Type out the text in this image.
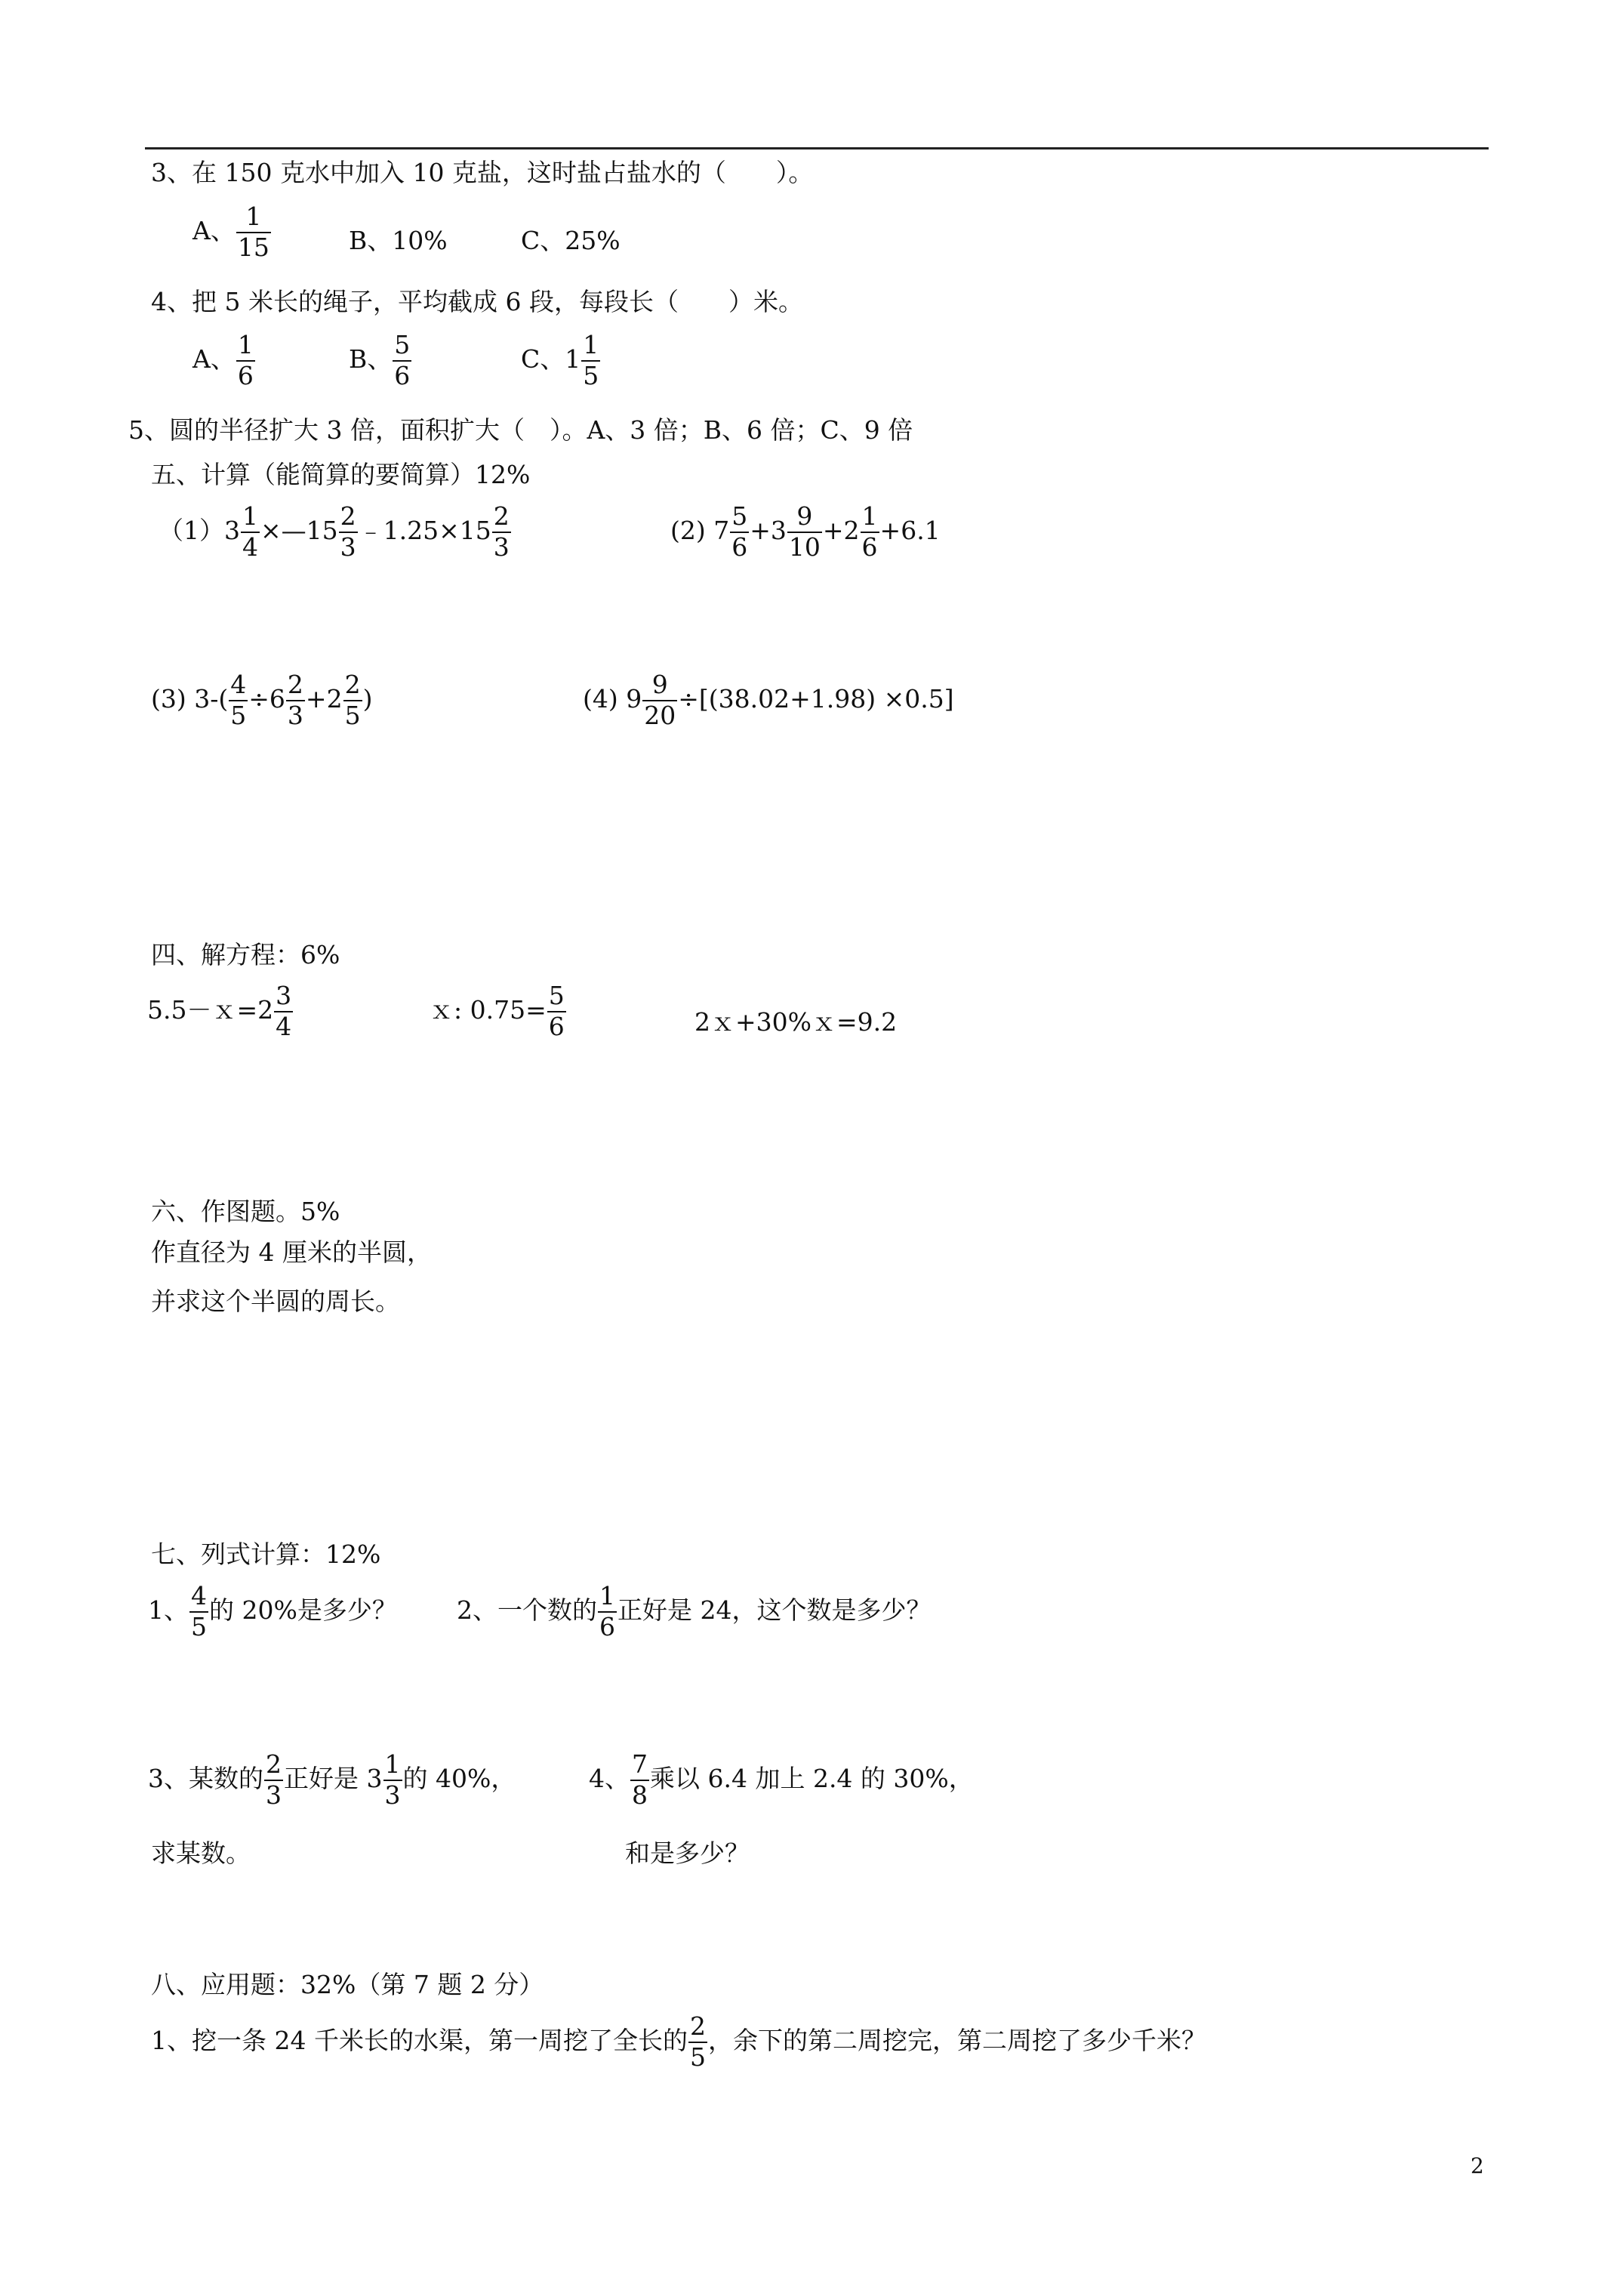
3、在 150 克水中加入 10 克盐，这时盐占盐水的（　　）。
A、 $\frac{1}{15}$	B、10%	C、25%
4、把 5 米长的绳子，平均截成 6 段，每段长（　　）米。
A、 $\frac{1}{6}$	B、 $\frac{5}{6}$	C、$1 \frac{1}{5}$
5、圆的半径扩大 3 倍，面积扩大（　）。A、3 倍；B、6 倍；C、9 倍
五、计算（能简算的要简算）12%
$(1)3 \frac{1}{4}$ ×—15 $\frac{2}{3}$ ﹣1.25×15 $\frac{2}{3}$	(2) $7 \frac{5}{6} +3 \frac{9}{10} +2 \frac{1}{6} +6.1$
(3) $3-( \frac{4}{5} \div 6 \frac{2}{3} +2 \frac{2}{5}$ )	(4) $9 \frac{9}{20} \div[(38.02+1.98) \times 0.5]$
四、解方程：6%
5.5－ｘ=2 $\frac{3}{4}$	ｘ: $0.75= \frac{5}{6}$	2ｘ+30%ｘ=9.2
六、作图题。5%
作直径为 4 厘米的半圆，
并求这个半圆的周长。
七、列式计算：12%
1、 $\frac{4}{5}$ 的 20%是多少？ 2、一个数的 $\frac{1}{6}$ 正好是 24，这个数是多少？
3、某数的 $\frac{2}{3}$ 正好是 $3 \frac{1}{3}$ 的 40%，
求某数。
4、 $\frac{7}{8}$ 乘以 6.4 加上 2.4 的 30%，
和是多少？
八、应用题：32%（第 7 题 2 分）
1、挖一条 24 千米长的水渠，第一周挖了全长的 $\frac{2}{5}$ ，余下的第二周挖完，第二周挖了多少千米？
2
